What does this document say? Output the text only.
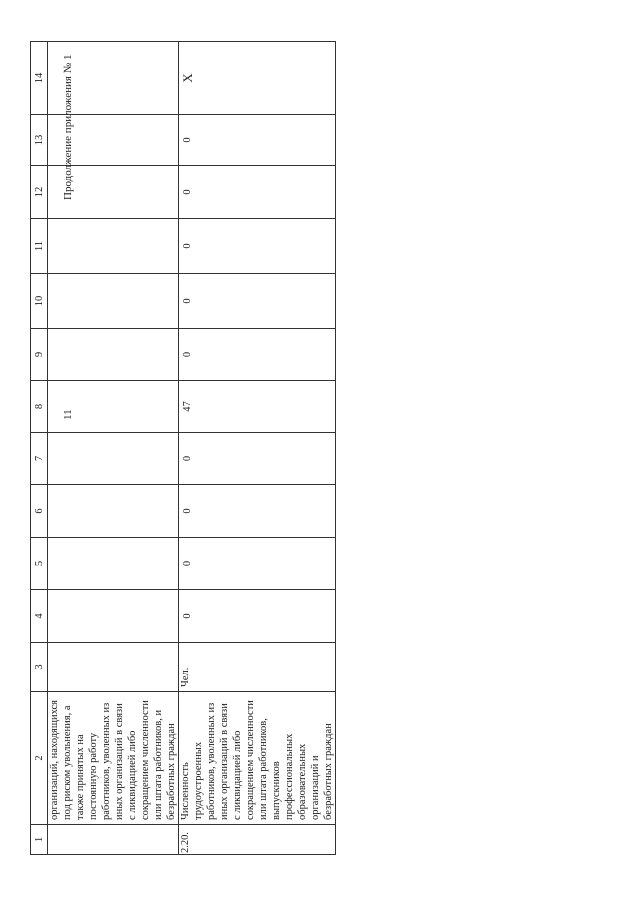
11
Продолжение приложения № 1
1	2	3	4	5	6	7	8	9	10	11	12	13	14
	организаций, находящихся под риском увольнения, а также принятых на постоянную работу работников, уволенных из иных организаций в связи с ликвидацией либо сокращением численности или штата работников, и безработных граждан												
2.20.	Численность трудоустроенных работников, уволенных из иных организаций в связи с ликвидацией либо сокращением численности или штата работников, выпускников профессиональных образовательных организаций и безработных граждан	Чел.	0	0	0	0	47	0	0	0	0	0	X
